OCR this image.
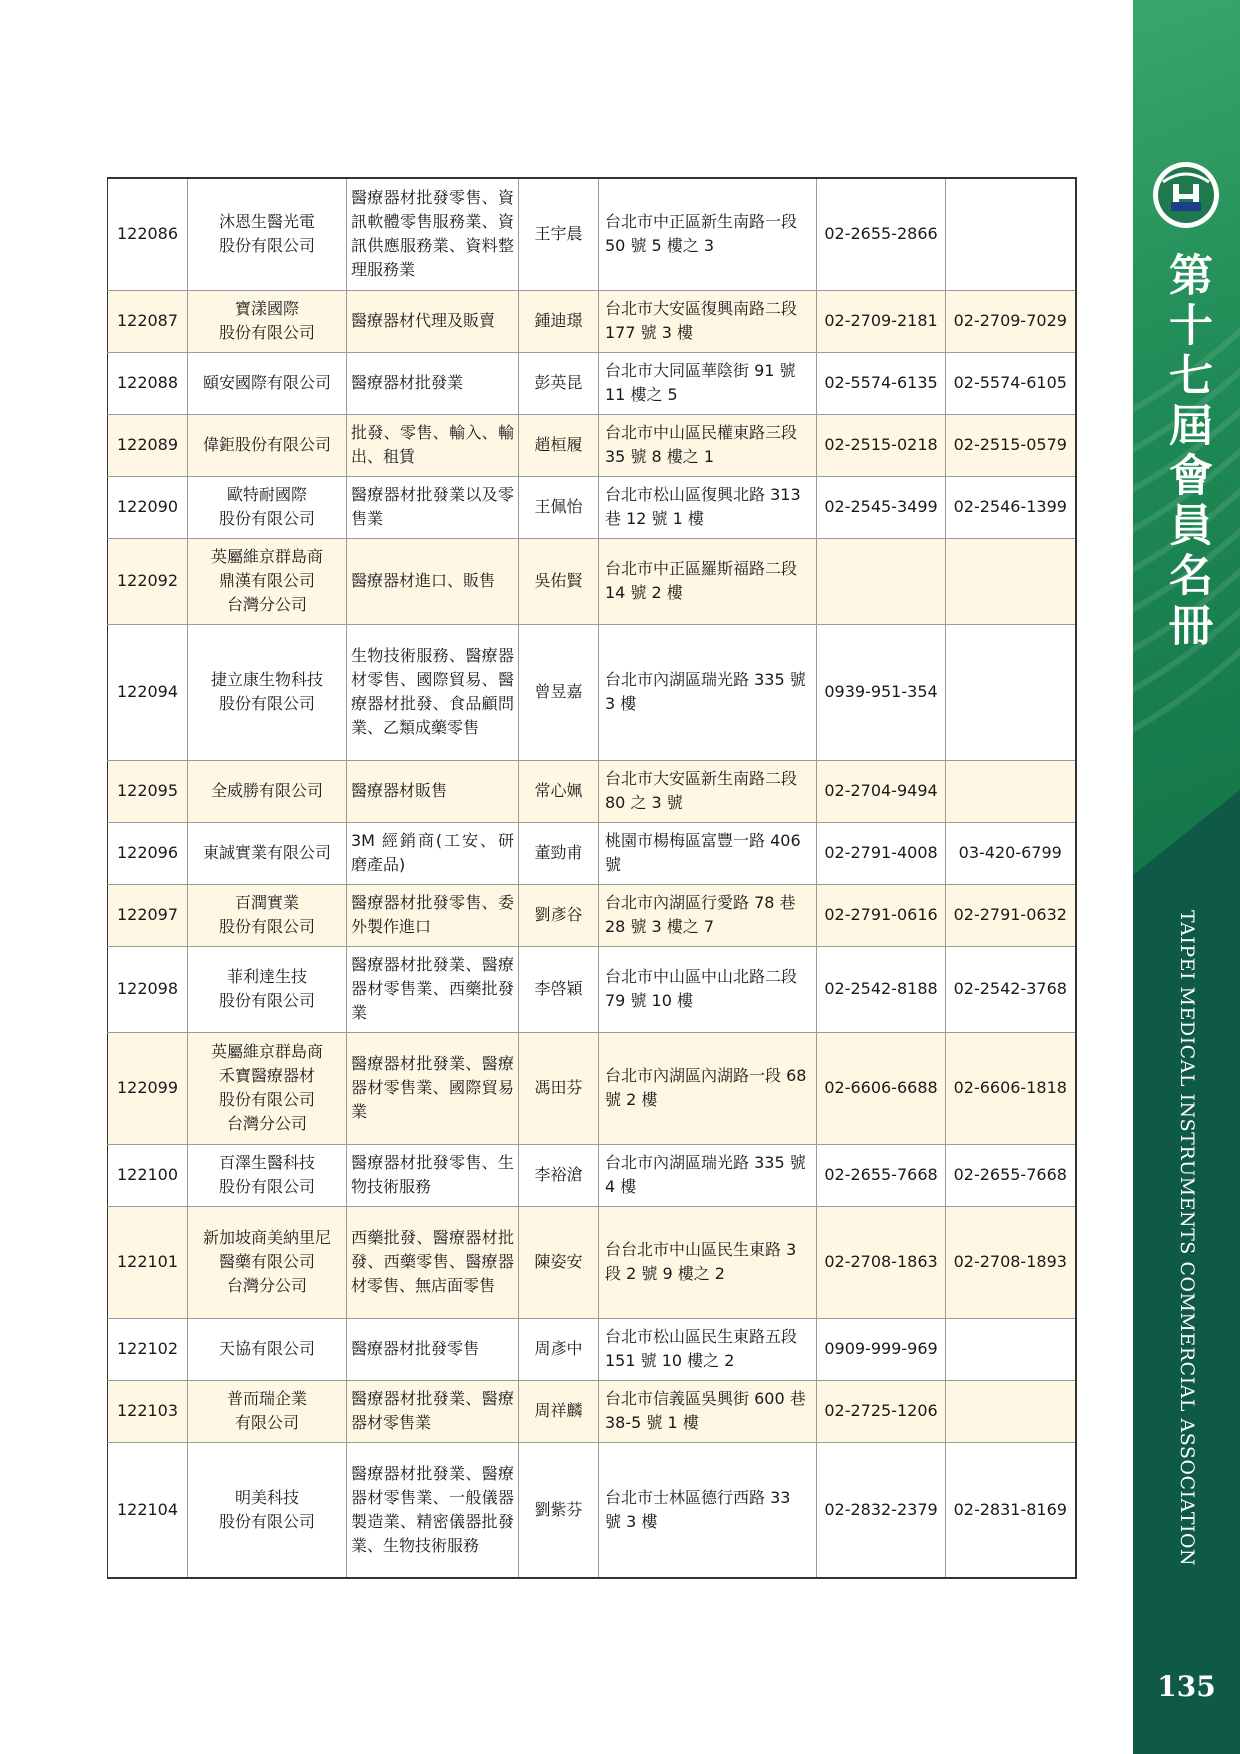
第十七屆會員名冊
TAIPEI MEDICAL INSTRUMENTS COMMERCIAL ASSOCIATION
135
122086	沐恩生醫光電
股份有限公司	醫療器材批發零售、資訊軟體零售服務業、資訊供應服務業、資料整理服務業	王宇晨	台北市中正區新生南路一段 50 號 5 樓之 3	02-2655-2866	
122087	寶漾國際
股份有限公司	醫療器材代理及販賣	鍾迪璟	台北市大安區復興南路二段 177 號 3 樓	02-2709-2181	02-2709-7029
122088	頤安國際有限公司	醫療器材批發業	彭英昆	台北市大同區華陰街 91 號 11 樓之 5	02-5574-6135	02-5574-6105
122089	偉鉅股份有限公司	批發、零售、輸入、輸出、租賃	趙桓履	台北市中山區民權東路三段 35 號 8 樓之 1	02-2515-0218	02-2515-0579
122090	歐特耐國際
股份有限公司	醫療器材批發業以及零售業	王佩怡	台北市松山區復興北路 313 巷 12 號 1 樓	02-2545-3499	02-2546-1399
122092	英屬維京群島商
鼎漢有限公司
台灣分公司	醫療器材進口、販售	吳佑賢	台北市中正區羅斯福路二段 14 號 2 樓		
122094	捷立康生物科技
股份有限公司	生物技術服務、醫療器材零售、國際貿易、醫療器材批發、食品顧問業、乙類成藥零售	曾昱嘉	台北市內湖區瑞光路 335 號 3 樓	0939-951-354	
122095	全威勝有限公司	醫療器材販售	常心姵	台北市大安區新生南路二段 80 之 3 號	02-2704-9494	
122096	東誠實業有限公司	3M 經銷商(工安、研磨產品)	董勁甫	桃園市楊梅區富豐一路 406 號	02-2791-4008	03-420-6799
122097	百潤實業
股份有限公司	醫療器材批發零售、委外製作進口	劉彥谷	台北市內湖區行愛路 78 巷 28 號 3 樓之 7	02-2791-0616	02-2791-0632
122098	菲利達生技
股份有限公司	醫療器材批發業、醫療器材零售業、西藥批發業	李啓穎	台北市中山區中山北路二段 79 號 10 樓	02-2542-8188	02-2542-3768
122099	英屬維京群島商
禾寶醫療器材
股份有限公司
台灣分公司	醫療器材批發業、醫療器材零售業、國際貿易業	馮田芬	台北市內湖區內湖路一段 68 號 2 樓	02-6606-6688	02-6606-1818
122100	百澤生醫科技
股份有限公司	醫療器材批發零售、生物技術服務	李裕滄	台北市內湖區瑞光路 335 號 4 樓	02-2655-7668	02-2655-7668
122101	新加坡商美納里尼
醫藥有限公司
台灣分公司	西藥批發、醫療器材批發、西藥零售、醫療器材零售、無店面零售	陳姿安	台台北市中山區民生東路 3 段 2 號 9 樓之 2	02-2708-1863	02-2708-1893
122102	天協有限公司	醫療器材批發零售	周彥中	台北市松山區民生東路五段 151 號 10 樓之 2	0909-999-969	
122103	普而瑞企業
有限公司	醫療器材批發業、醫療器材零售業	周祥麟	台北市信義區吳興街 600 巷 38-5 號 1 樓	02-2725-1206	
122104	明美科技
股份有限公司	醫療器材批發業、醫療器材零售業、一般儀器製造業、精密儀器批發業、生物技術服務	劉紫芬	台北市士林區德行西路 33 號 3 樓	02-2832-2379	02-2831-8169
